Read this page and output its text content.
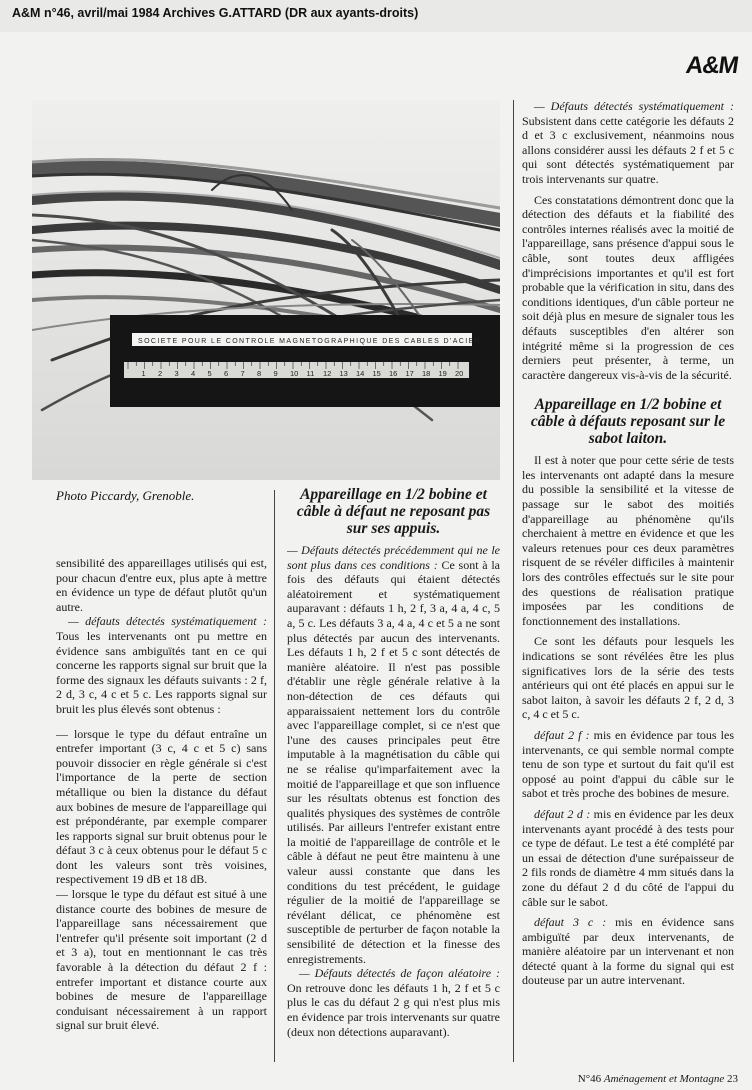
A&M n°46, avril/mai 1984 Archives G.ATTARD (DR aux ayants-droits)
A&M
SOCIETE POUR LE CONTROLE MAGNETOGRAPHIQUE DES CABLES D'ACIER
1 2 3 4 5 6 7 8 9 10 11 12 13 14 15 16 17 18 19 20
Photo Piccardy, Grenoble.

sensibilité des appareillages utilisés qui est, pour chacun d'entre eux, plus apte à mettre en évidence un type de défaut plutôt qu'un autre.

— défauts détectés systématiquement : Tous les intervenants ont pu mettre en évidence sans ambiguïtés tant en ce qui concerne les rapports signal sur bruit que la forme des signaux les défauts suivants : 2 f, 2 d, 3 c, 4 c et 5 c. Les rapports signal sur bruit les plus élevés sont obtenus :

— lorsque le type du défaut entraîne un entrefer important (3 c, 4 c et 5 c) sans pouvoir dissocier en règle générale si c'est l'importance de la perte de section métallique ou bien la distance du défaut aux bobines de mesure de l'appareillage qui est prépondérante, par exemple comparer les rapports signal sur bruit obtenus pour le défaut 3 c à ceux obtenus pour le défaut 5 c dont les valeurs sont très voisines, respectivement 19 dB et 18 dB.

— lorsque le type du défaut est situé à une distance courte des bobines de mesure de l'appareillage sans nécessairement que l'entrefer qu'il présente soit important (2 d et 3 a), tout en mentionnant le cas très favorable à la détection du défaut 2 f : entrefer important et distance courte aux bobines de mesure de l'appareillage conduisant nécessairement à un rapport signal sur bruit élevé.

Appareillage en 1/2 bobine et câble à défaut ne reposant pas sur ses appuis.

— Défauts détectés précédemment qui ne le sont plus dans ces conditions : Ce sont à la fois des défauts qui étaient détectés aléatoirement et systématiquement auparavant : défauts 1 h, 2 f, 3 a, 4 a, 4 c, 5 a, 5 c. Les défauts 3 a, 4 a, 4 c et 5 a ne sont plus détectés par aucun des intervenants. Les défauts 1 h, 2 f et 5 c sont détectés de manière aléatoire. Il n'est pas possible d'établir une règle générale relative à la non-détection de ces défauts qui apparaissaient nettement lors du contrôle avec l'appareillage complet, si ce n'est que l'une des causes principales peut être imputable à la magnétisation du câble qui ne se réalise qu'imparfaitement avec la moitié de l'appareillage et que son influence sur les résultats obtenus est fonction des qualités physiques des systèmes de contrôle utilisés. Par ailleurs l'entrefer existant entre la moitié de l'appareillage de contrôle et le câble à défaut ne peut être maintenu à une valeur aussi constante que dans les conditions du test précédent, le guidage régulier de la moitié de l'appareillage se révélant délicat, ce phénomène est susceptible de perturber de façon notable la sensibilité de détection et la finesse des enregistrements.

— Défauts détectés de façon aléatoire : On retrouve donc les défauts 1 h, 2 f et 5 c plus le cas du défaut 2 g qui n'est plus mis en évidence par trois intervenants sur quatre (deux non détections auparavant).

— Défauts détectés systématiquement : Subsistent dans cette catégorie les défauts 2 d et 3 c exclusivement, néanmoins nous allons considérer aussi les défauts 2 f et 5 c qui sont détectés systématiquement par trois intervenants sur quatre.

Ces constatations démontrent donc que la détection des défauts et la fiabilité des contrôles internes réalisés avec la moitié de l'appareillage, sans présence d'appui sous le câble, sont toutes deux affligées d'imprécisions importantes et qu'il est fort probable que la vérification in situ, dans des conditions identiques, d'un câble porteur ne soit déjà plus en mesure de signaler tous les défauts susceptibles d'en altérer son intégrité même si la progression de ces derniers peut présenter, à terme, un caractère dangereux vis-à-vis de la sécurité.

Appareillage en 1/2 bobine et câble à défauts reposant sur le sabot laiton.

Il est à noter que pour cette série de tests les intervenants ont adapté dans la mesure du possible la sensibilité et la vitesse de passage sur le sabot des moitiés d'appareillage au phénomène qu'ils cherchaient à mettre en évidence et que les valeurs retenues pour ces deux paramètres risquent de se révéler difficiles à maintenir lors des contrôles effectués sur le site pour des questions de réalisation pratique imposées par les conditions de fonctionnement des installations.

Ce sont les défauts pour lesquels les indications se sont révélées être les plus significatives lors de la série des tests antérieurs qui ont été placés en appui sur le sabot laiton, à savoir les défauts 2 f, 2 d, 3 c, 4 c et 5 c.

défaut 2 f : mis en évidence par tous les intervenants, ce qui semble normal compte tenu de son type et surtout du fait qu'il est opposé au point d'appui du câble sur le sabot et très proche des bobines de mesure.

défaut 2 d : mis en évidence par les deux intervenants ayant procédé à des tests pour ce type de défaut. Le test a été complété par un essai de détection d'une surépaisseur de 2 fils ronds de diamètre 4 mm situés dans la zone du défaut 2 d du côté de l'appui du câble sur le sabot.

défaut 3 c : mis en évidence sans ambiguïté par deux intervenants, de manière aléatoire par un intervenant et non détecté quant à la forme du signal qui est douteuse par un autre intervenant.

N°46 Aménagement et Montagne 23
